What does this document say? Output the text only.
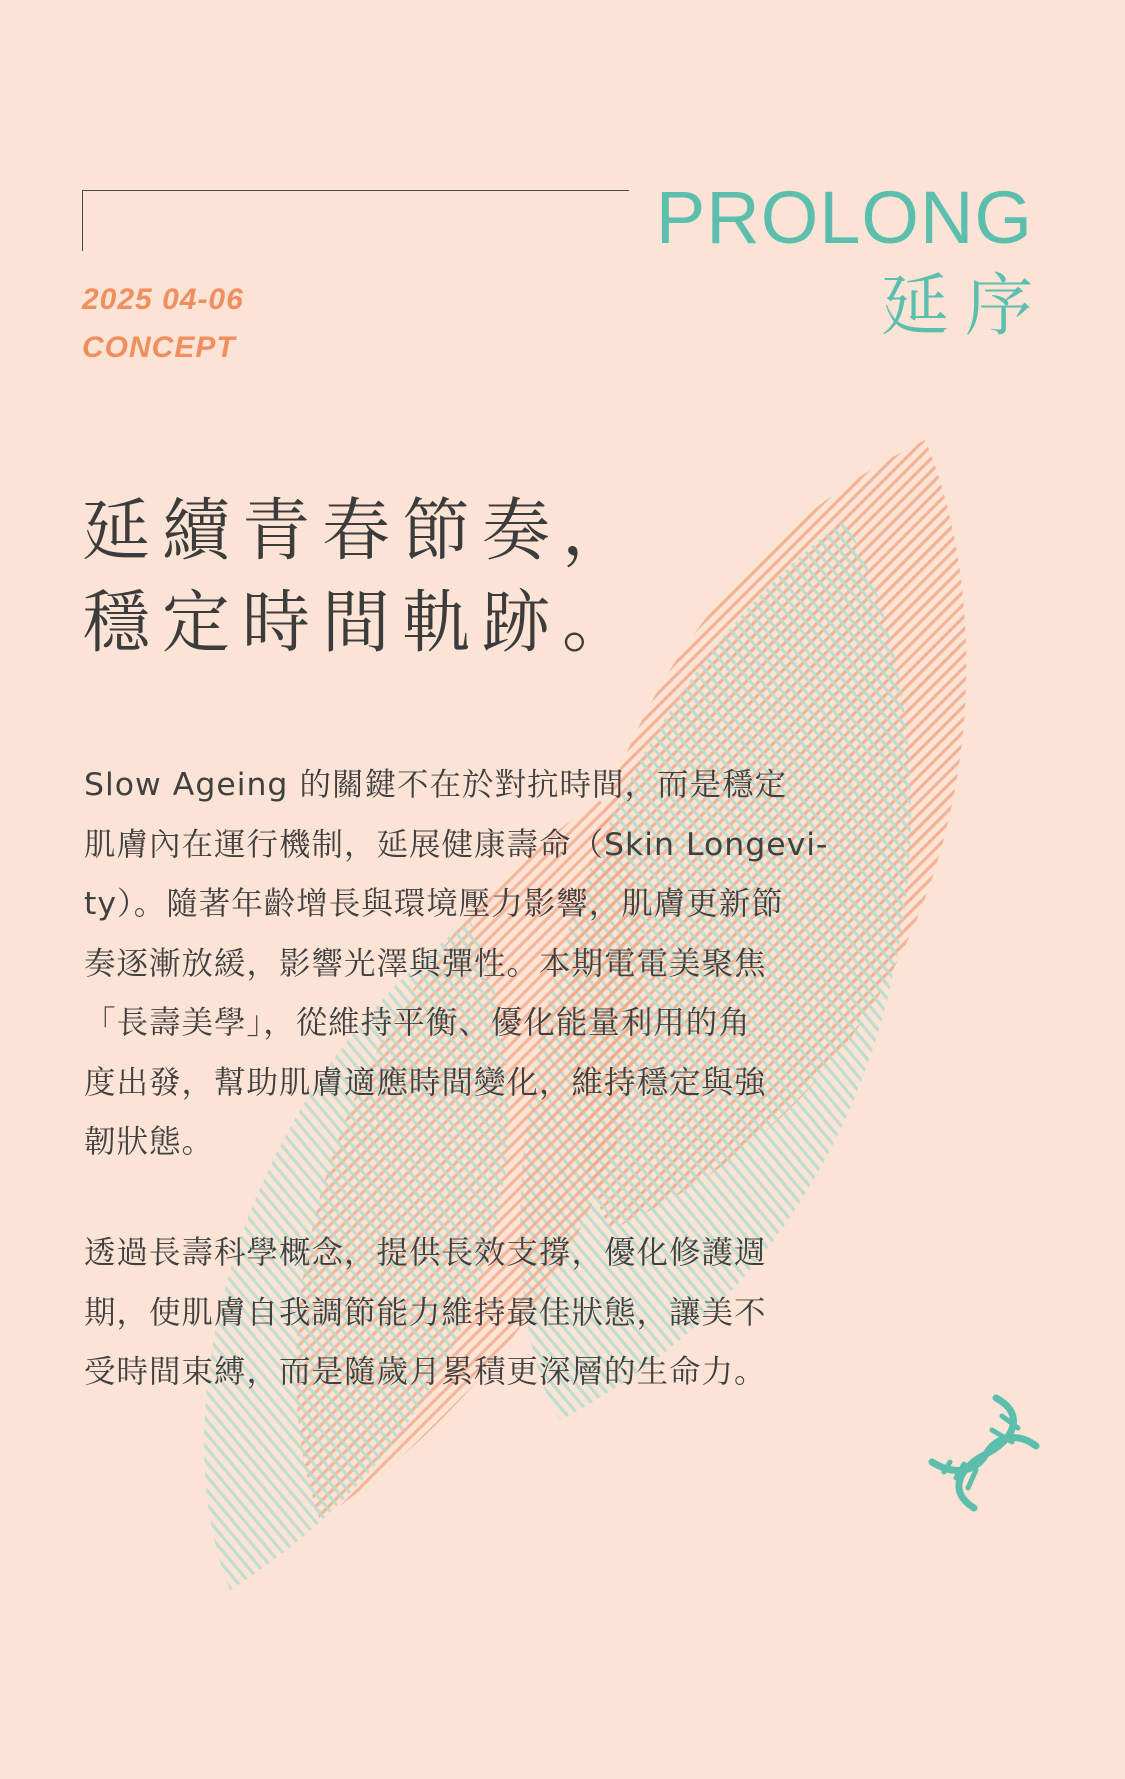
2025 04-06
CONCEPT
PROLONG
延序
延續青春節奏，
穩定時間軌跡。
Slow Ageing 的關鍵不在於對抗時間，而是穩定
肌膚內在運行機制，延展健康壽命（Skin Longevi-
ty）。隨著年齡增長與環境壓力影響，肌膚更新節
奏逐漸放緩，影響光澤與彈性。本期電電美聚焦
「長壽美學」，從維持平衡、優化能量利用的角
度出發，幫助肌膚適應時間變化，維持穩定與強
韌狀態。
透過長壽科學概念，提供長效支撐，優化修護週
期，使肌膚自我調節能力維持最佳狀態，讓美不
受時間束縛，而是隨歲月累積更深層的生命力。
